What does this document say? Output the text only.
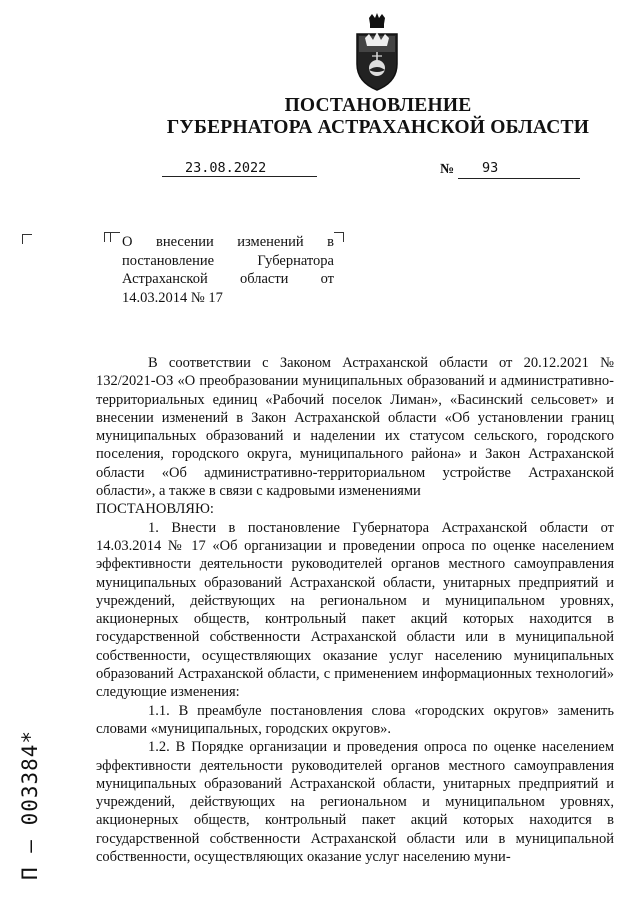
ПОСТАНОВЛЕНИЕ
ГУБЕРНАТОРА АСТРАХАНСКОЙ ОБЛАСТИ
23.08.2022	№ 93
О внесении изменений в постановление Губернатора Астраханской области от 14.03.2014 № 17

В соответствии с Законом Астраханской области от 20.12.2021 № 132/2021-ОЗ «О преобразовании муниципальных образований и административно-территориальных единиц «Рабочий поселок Лиман», «Басинский сельсовет» и внесении изменений в Закон Астраханской области «Об установлении границ муниципальных образований и наделении их статусом сельского, городского поселения, городского округа, муниципального района» и Закон Астраханской области «Об административно-территориальном устройстве Астраханской области», а также в связи с кадровыми изменениями

ПОСТАНОВЛЯЮ:

1. Внести в постановление Губернатора Астраханской области от 14.03.2014 № 17 «Об организации и проведении опроса по оценке населением эффективности деятельности руководителей органов местного самоуправления муниципальных образований Астраханской области, унитарных предприятий и учреждений, действующих на региональном и муниципальном уровнях, акционерных обществ, контрольный пакет акций которых находится в государственной собственности Астраханской области или в муниципальной собственности, осуществляющих оказание услуг населению муниципальных образований Астраханской области, с применением информационных технологий» следующие изменения:

1.1. В преамбуле постановления слова «городских округов» заменить словами «муниципальных, городских округов».

1.2. В Порядке организации и проведения опроса по оценке населением эффективности деятельности руководителей органов местного самоуправления муниципальных образований Астраханской области, унитарных предприятий и учреждений, действующих на региональном и муниципальном уровнях, акционерных обществ, контрольный пакет акций которых находится в государственной собственности Астраханской области или в муниципальной собственности, осуществляющих оказание услуг населению муни-

П – 003384*
